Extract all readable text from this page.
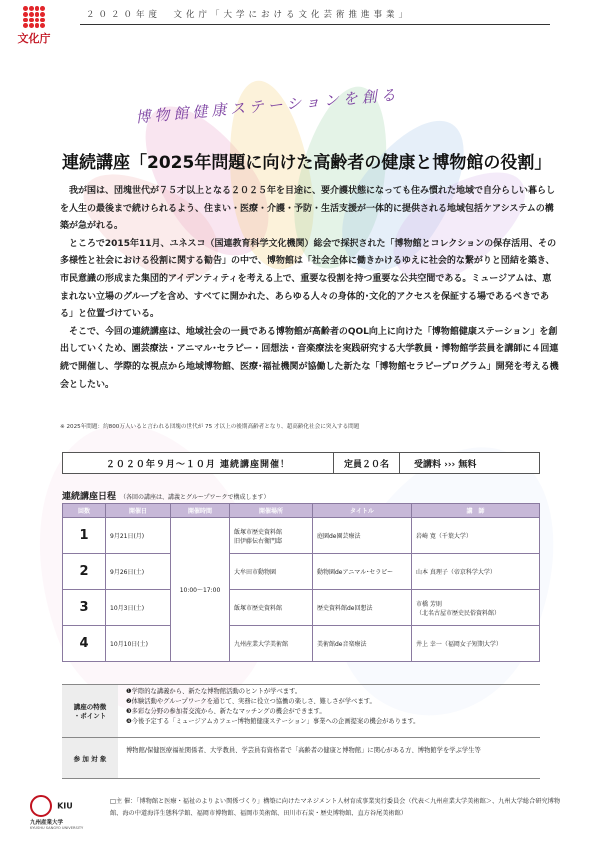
文化庁
２０２０年度　文化庁「大学における文化芸術推進事業」
博物館健康ステーションを創る
連続講座「2025年問題に向けた高齢者の健康と博物館の役割」

我が国は、団塊世代が７５才以上となる２０２５年を目途に、要介護状態になっても住み慣れた地域で自分らしい暮らしを人生の最後まで続けられるよう、住まい・医療・介護・予防・生活支援が一体的に提供される地域包括ケアシステムの構築が急がれる。

ところで2015年11月、ユネスコ（国連教育科学文化機関）総会で採択された「博物館とコレクションの保存活用、その多様性と社会における役割に関する勧告」の中で、博物館は「社会全体に働きかけるゆえに社会的な繋がりと団結を築き、市民意識の形成また集団的アイデンティティを考える上で、重要な役割を持つ重要な公共空間である。ミュージアムは、恵まれない立場のグループを含め、すべてに開かれた、あらゆる人々の身体的･文化的アクセスを保証する場であるべきである」と位置づけている。

そこで、今回の連続講座は、地域社会の一員である博物館が高齢者のQOL向上に向けた「博物館健康ステーション」を創出していくため、園芸療法・アニマル･セラピー・回想法・音楽療法を実践研究する大学教員・博物館学芸員を講師に４回連続で開催し、学際的な視点から地域博物館、医療･福祉機関が協働した新たな「博物館セラピープログラム」開発を考える機会としたい。

※ 2025年問題：約800万人いると言われる団塊の世代が 75 才以上の後期高齢者となり、超高齢化社会に突入する問題
２０２０年９月〜１０月 連続講座開催！	定員２０名	受講料 ››› 無料
連続講座日程 （各回の講座は、講義とグループワークで構成します）
回数	開催日	開催時間	開催場所	タイトル	講　師
1	9月21日(月)	10:00〜17:00	飯塚市歴史資料館
旧伊藤伝右衛門邸	庭園de園芸療法	岩崎 寛（千葉大学）
2	9月26日(土)		大牟田市動物園	動物園deアニマル･セラピー	山本 真理子（帝京科学大学）
3	10月3日(土)		飯塚市歴史資料館	歴史資料館de回想法	市橋 芳則
（北名古屋市歴史民俗資料館）
4	10月10日(土)		九州産業大学美術館	美術館de音楽療法	井上 幸一（福岡女子短期大学）
講座の特徴
・ポイント
❶学際的な講義から、新たな博物館活動のヒントが学べます。
❷体験活動やグループワークを通じて、実務に役立つ協働の楽しさ、難しさが学べます。
❸多彩な分野の参加者交流から、新たなマッチングの機会ができます。
❹今後予定する「ミュージアムカフェー博物館健康ステーション」事業への企画提案の機会があります。
参 加 対 象
博物館/保健医療福祉関係者、大学教員、学芸員有資格者で「高齢者の健康と博物館」に関心がある方、博物館学を学ぶ学生等
KIU
九州産業大学
KYUSHU SANGYO UNIVERSITY
□主 催：「博物館と医療・福祉のよりよい関係づくり」構築に向けたマネジメント人材育成事業実行委員会（代表＜九州産業大学美術館＞、九州大学総合研究博物館、海の中道海洋生態科学館、福岡市博物館、福岡市美術館、田川市石炭・歴史博物館、直方谷尾美術館）
